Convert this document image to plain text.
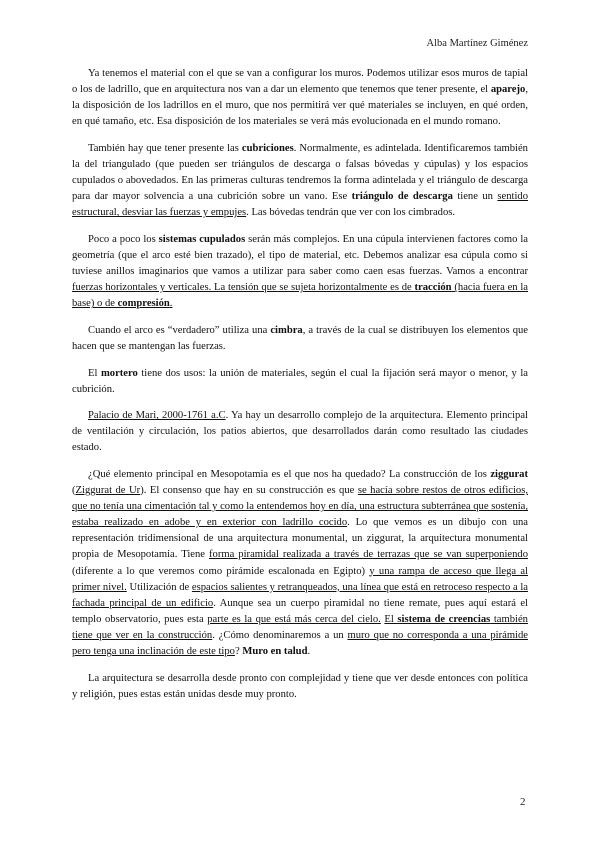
Alba Martínez Giménez

Ya tenemos el material con el que se van a configurar los muros. Podemos utilizar esos muros de tapial o los de ladrillo, que en arquitectura nos van a dar un elemento que tenemos que tener presente, el aparejo, la disposición de los ladrillos en el muro, que nos permitirá ver qué materiales se incluyen, en qué orden, en qué tamaño, etc. Esa disposición de los materiales se verá más evolucionada en el mundo romano.

También hay que tener presente las cubriciones. Normalmente, es adintelada. Identificaremos también la del triangulado (que pueden ser triángulos de descarga o falsas bóvedas y cúpulas) y los espacios cupulados o abovedados. En las primeras culturas tendremos la forma adintelada y el triángulo de descarga para dar mayor solvencia a una cubrición sobre un vano. Ese triángulo de descarga tiene un sentido estructural, desviar las fuerzas y empujes. Las bóvedas tendrán que ver con los cimbrados.

Poco a poco los sistemas cupulados serán más complejos. En una cúpula intervienen factores como la geometría (que el arco esté bien trazado), el tipo de material, etc. Debemos analizar esa cúpula como si tuviese anillos imaginarios que vamos a utilizar para saber como caen esas fuerzas. Vamos a encontrar fuerzas horizontales y verticales. La tensión que se sujeta horizontalmente es de tracción (hacia fuera en la base) o de compresión.

Cuando el arco es “verdadero” utiliza una cimbra, a través de la cual se distribuyen los elementos que hacen que se mantengan las fuerzas.

El mortero tiene dos usos: la unión de materiales, según el cual la fijación será mayor o menor, y la cubrición.

Palacio de Mari, 2000-1761 a.C. Ya hay un desarrollo complejo de la arquitectura. Elemento principal de ventilación y circulación, los patios abiertos, que desarrollados darán como resultado las ciudades estado.

¿Qué elemento principal en Mesopotamia es el que nos ha quedado? La construcción de los ziggurat (Ziggurat de Ur). El consenso que hay en su construcción es que se hacía sobre restos de otros edificios, que no tenía una cimentación tal y como la entendemos hoy en día, una estructura subterránea que sostenía, estaba realizado en adobe y en exterior con ladrillo cocido. Lo que vemos es un dibujo con una representación tridimensional de una arquitectura monumental, un ziggurat, la arquitectura monumental propia de Mesopotamia. Tiene forma piramidal realizada a través de terrazas que se van superponiendo (diferente a lo que veremos como pirámide escalonada en Egipto) y una rampa de acceso que llega al primer nivel. Utilización de espacios salientes y retranqueados, una línea que está en retroceso respecto a la fachada principal de un edificio. Aunque sea un cuerpo piramidal no tiene remate, pues aquí estará el templo observatorio, pues esta parte es la que está más cerca del cielo. El sistema de creencias también tiene que ver en la construcción. ¿Cómo denominaremos a un muro que no corresponda a una pirámide pero tenga una inclinación de este tipo? Muro en talud.

La arquitectura se desarrolla desde pronto con complejidad y tiene que ver desde entonces con política y religión, pues estas están unidas desde muy pronto.

2
